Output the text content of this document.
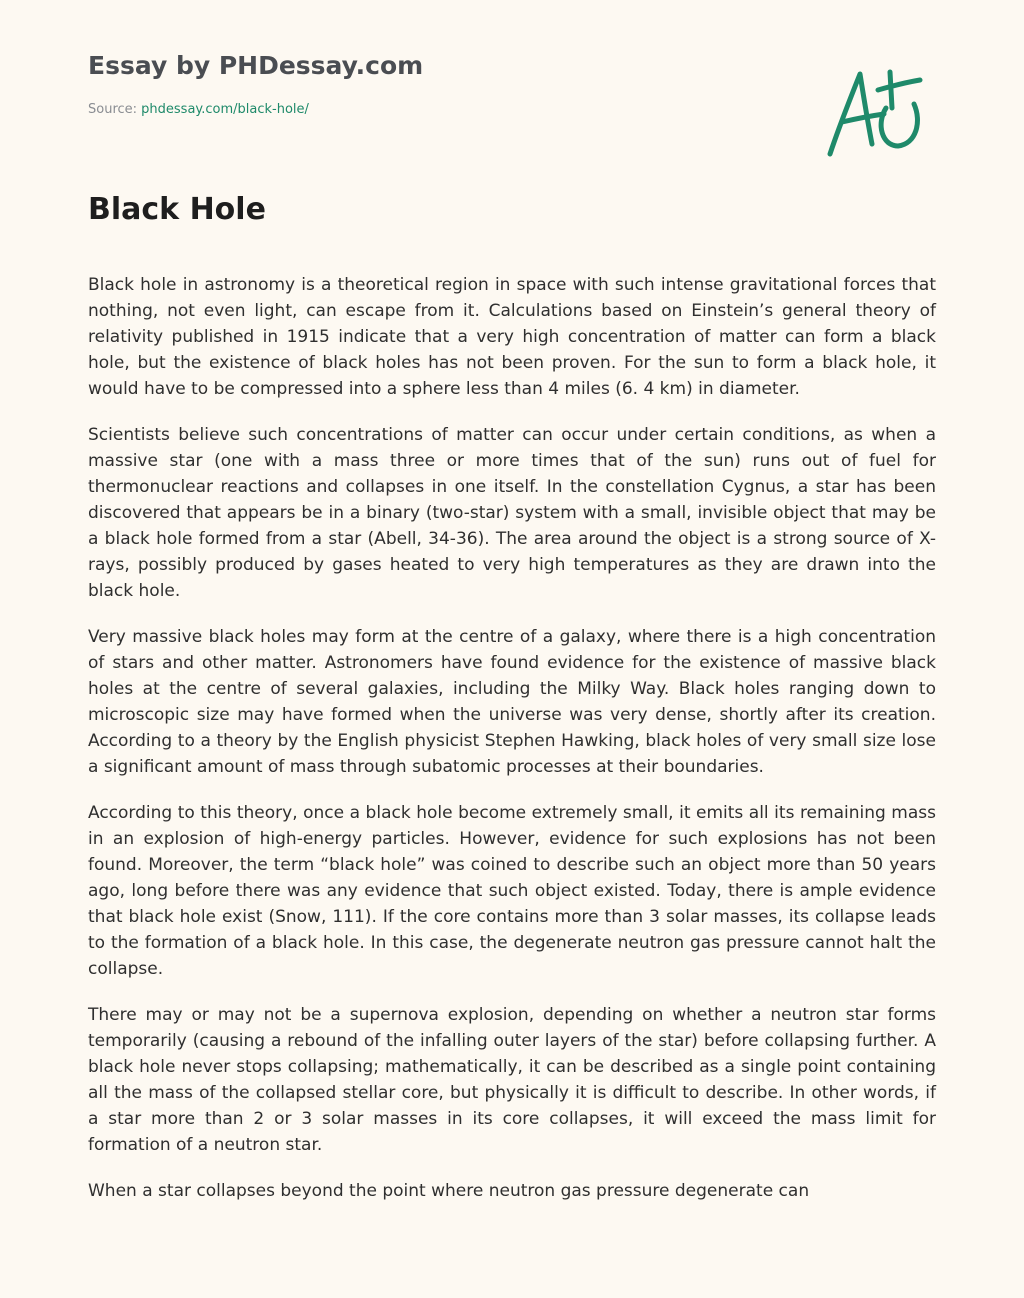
Essay by PHDessay.com
Source: phdessay.com/black-hole/
Black Hole

Black hole in astronomy is a theoretical region in space with such intense gravitational forces that nothing, not even light, can escape from it. Calculations based on Einstein’s general theory of relativity published in 1915 indicate that a very high concentration of matter can form a black hole, but the existence of black holes has not been proven. For the sun to form a black hole, it would have to be compressed into a sphere less than 4 miles (6. 4 km) in diameter.

Scientists believe such concentrations of matter can occur under certain conditions, as when a massive star (one with a mass three or more times that of the sun) runs out of fuel for thermonuclear reactions and collapses in one itself. In the constellation Cygnus, a star has been discovered that appears be in a binary (two-star) system with a small, invisible object that may be a black hole formed from a star (Abell, 34-36). The area around the object is a strong source of X-rays, possibly produced by gases heated to very high temperatures as they are drawn into the black hole.

Very massive black holes may form at the centre of a galaxy, where there is a high concentration of stars and other matter. Astronomers have found evidence for the existence of massive black holes at the centre of several galaxies, including the Milky Way. Black holes ranging down to microscopic size may have formed when the universe was very dense, shortly after its creation. According to a theory by the English physicist Stephen Hawking, black holes of very small size lose a significant amount of mass through subatomic processes at their boundaries.

According to this theory, once a black hole become extremely small, it emits all its remaining mass in an explosion of high-energy particles. However, evidence for such explosions has not been found. Moreover, the term “black hole” was coined to describe such an object more than 50 years ago, long before there was any evidence that such object existed. Today, there is ample evidence that black hole exist (Snow, 111). If the core contains more than 3 solar masses, its collapse leads to the formation of a black hole. In this case, the degenerate neutron gas pressure cannot halt the collapse.

There may or may not be a supernova explosion, depending on whether a neutron star forms temporarily (causing a rebound of the infalling outer layers of the star) before collapsing further. A black hole never stops collapsing; mathematically, it can be described as a single point containing all the mass of the collapsed stellar core, but physically it is difficult to describe. In other words, if a star more than 2 or 3 solar masses in its core collapses, it will exceed the mass limit for formation of a neutron star.

When a star collapses beyond the point where neutron gas pressure degenerate can
